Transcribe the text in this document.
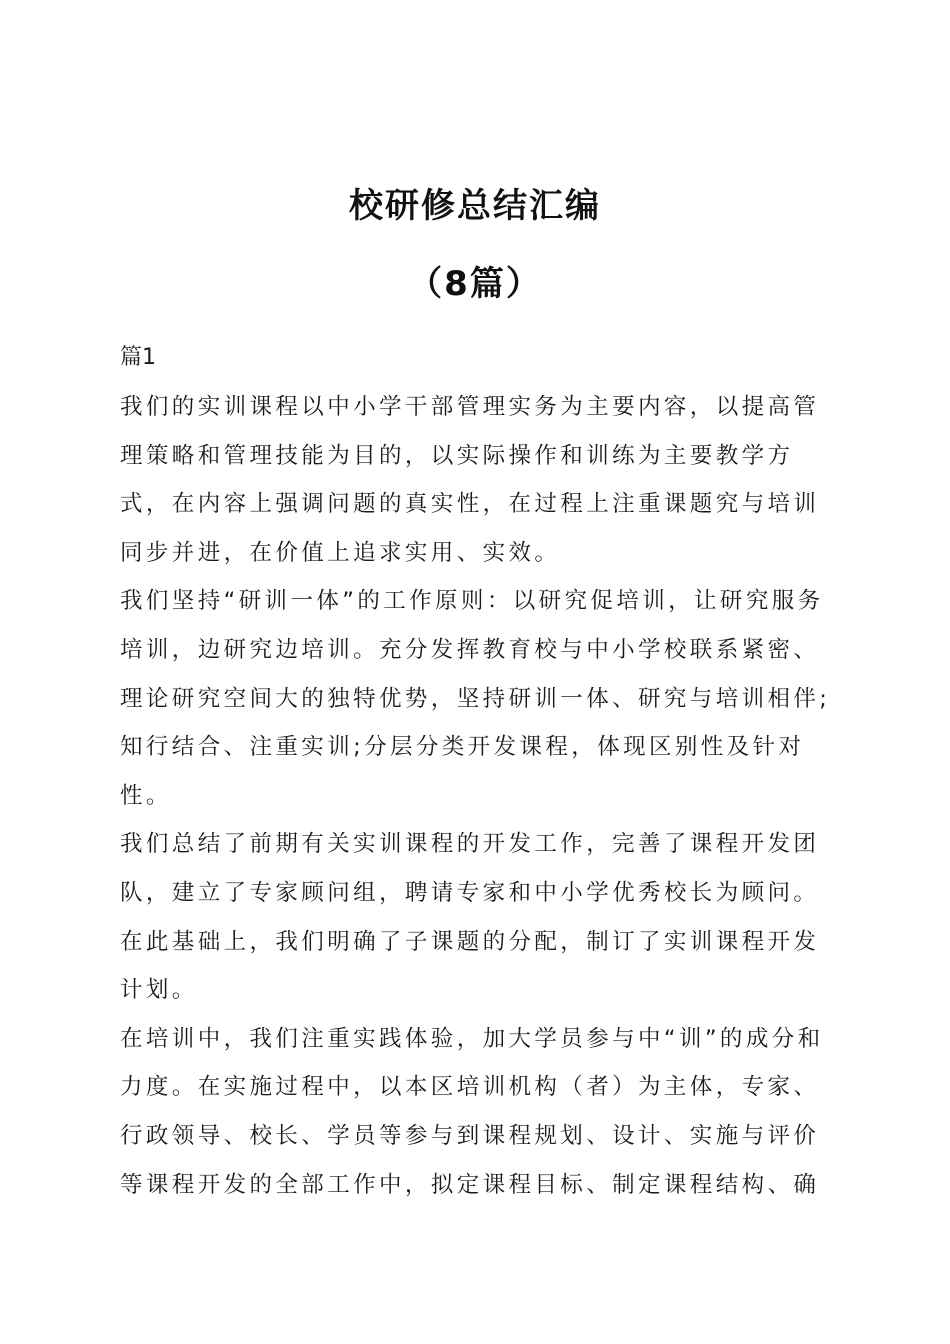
校研修总结汇编
（8篇）
篇1

我们的实训课程以中小学干部管理实务为主要内容，以提高管理策略和管理技能为目的，以实际操作和训练为主要教学方式，在内容上强调问题的真实性，在过程上注重课题究与培训同步并进，在价值上追求实用、实效。

我们坚持“研训一体”的工作原则：以研究促培训，让研究服务培训，边研究边培训。充分发挥教育校与中小学校联系紧密、理论研究空间大的独特优势，坚持研训一体、研究与培训相伴;知行结合、注重实训;分层分类开发课程，体现区别性及针对性。

我们总结了前期有关实训课程的开发工作，完善了课程开发团队，建立了专家顾问组，聘请专家和中小学优秀校长为顾问。在此基础上，我们明确了子课题的分配，制订了实训课程开发计划。

在培训中，我们注重实践体验，加大学员参与中“训”的成分和力度。在实施过程中，以本区培训机构（者）为主体，专家、行政领导、校长、学员等参与到课程规划、设计、实施与评价等课程开发的全部工作中，拟定课程目标、制定课程结构、确
